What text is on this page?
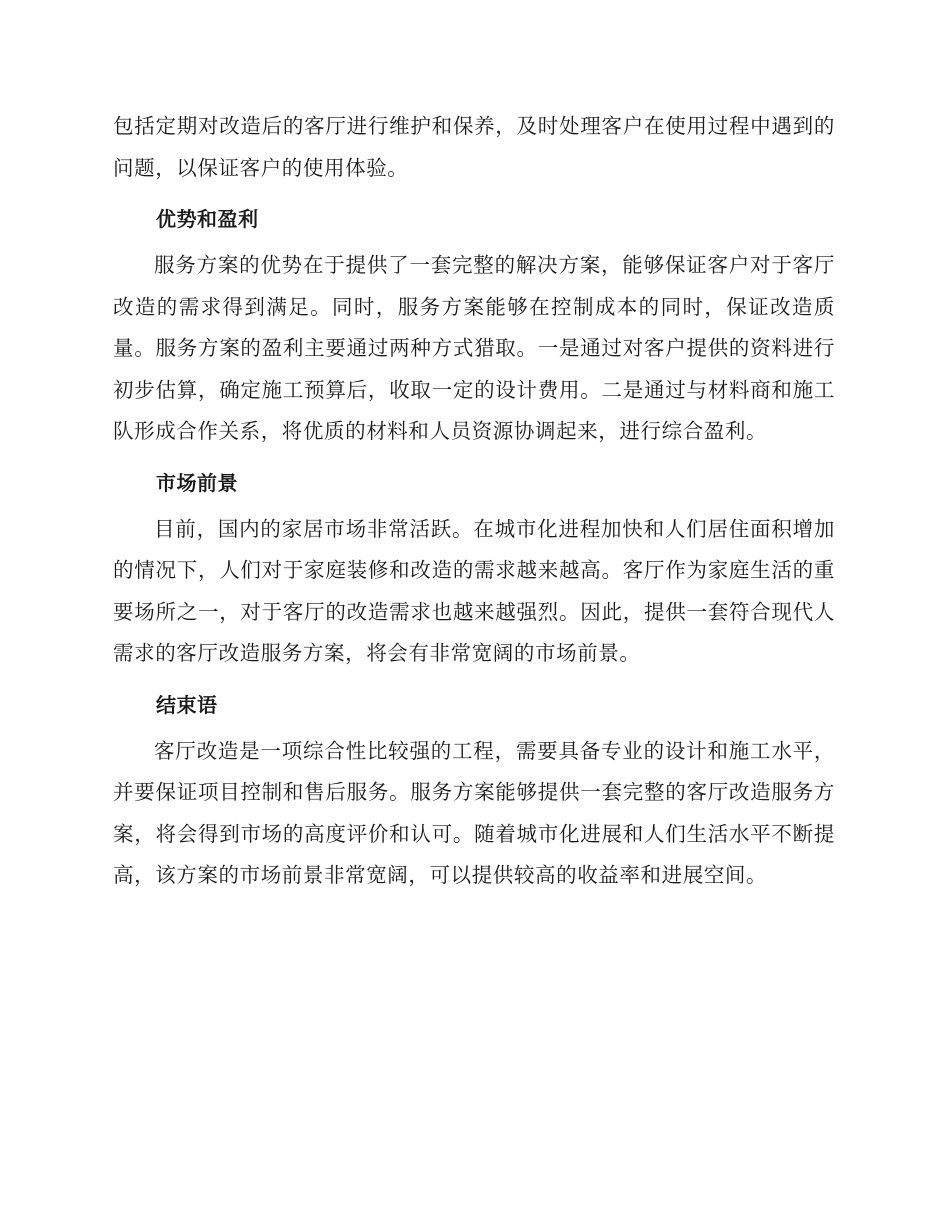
包括定期对改造后的客厅进行维护和保养，及时处理客户在使用过程中遇到的问题，以保证客户的使用体验。

优势和盈利

服务方案的优势在于提供了一套完整的解决方案，能够保证客户对于客厅改造的需求得到满足。同时，服务方案能够在控制成本的同时，保证改造质量。服务方案的盈利主要通过两种方式猎取。一是通过对客户提供的资料进行初步估算，确定施工预算后，收取一定的设计费用。二是通过与材料商和施工队形成合作关系，将优质的材料和人员资源协调起来，进行综合盈利。

市场前景

目前，国内的家居市场非常活跃。在城市化进程加快和人们居住面积增加的情况下，人们对于家庭装修和改造的需求越来越高。客厅作为家庭生活的重要场所之一，对于客厅的改造需求也越来越强烈。因此，提供一套符合现代人需求的客厅改造服务方案，将会有非常宽阔的市场前景。

结束语

客厅改造是一项综合性比较强的工程，需要具备专业的设计和施工水平，并要保证项目控制和售后服务。服务方案能够提供一套完整的客厅改造服务方案，将会得到市场的高度评价和认可。随着城市化进展和人们生活水平不断提高，该方案的市场前景非常宽阔，可以提供较高的收益率和进展空间。
